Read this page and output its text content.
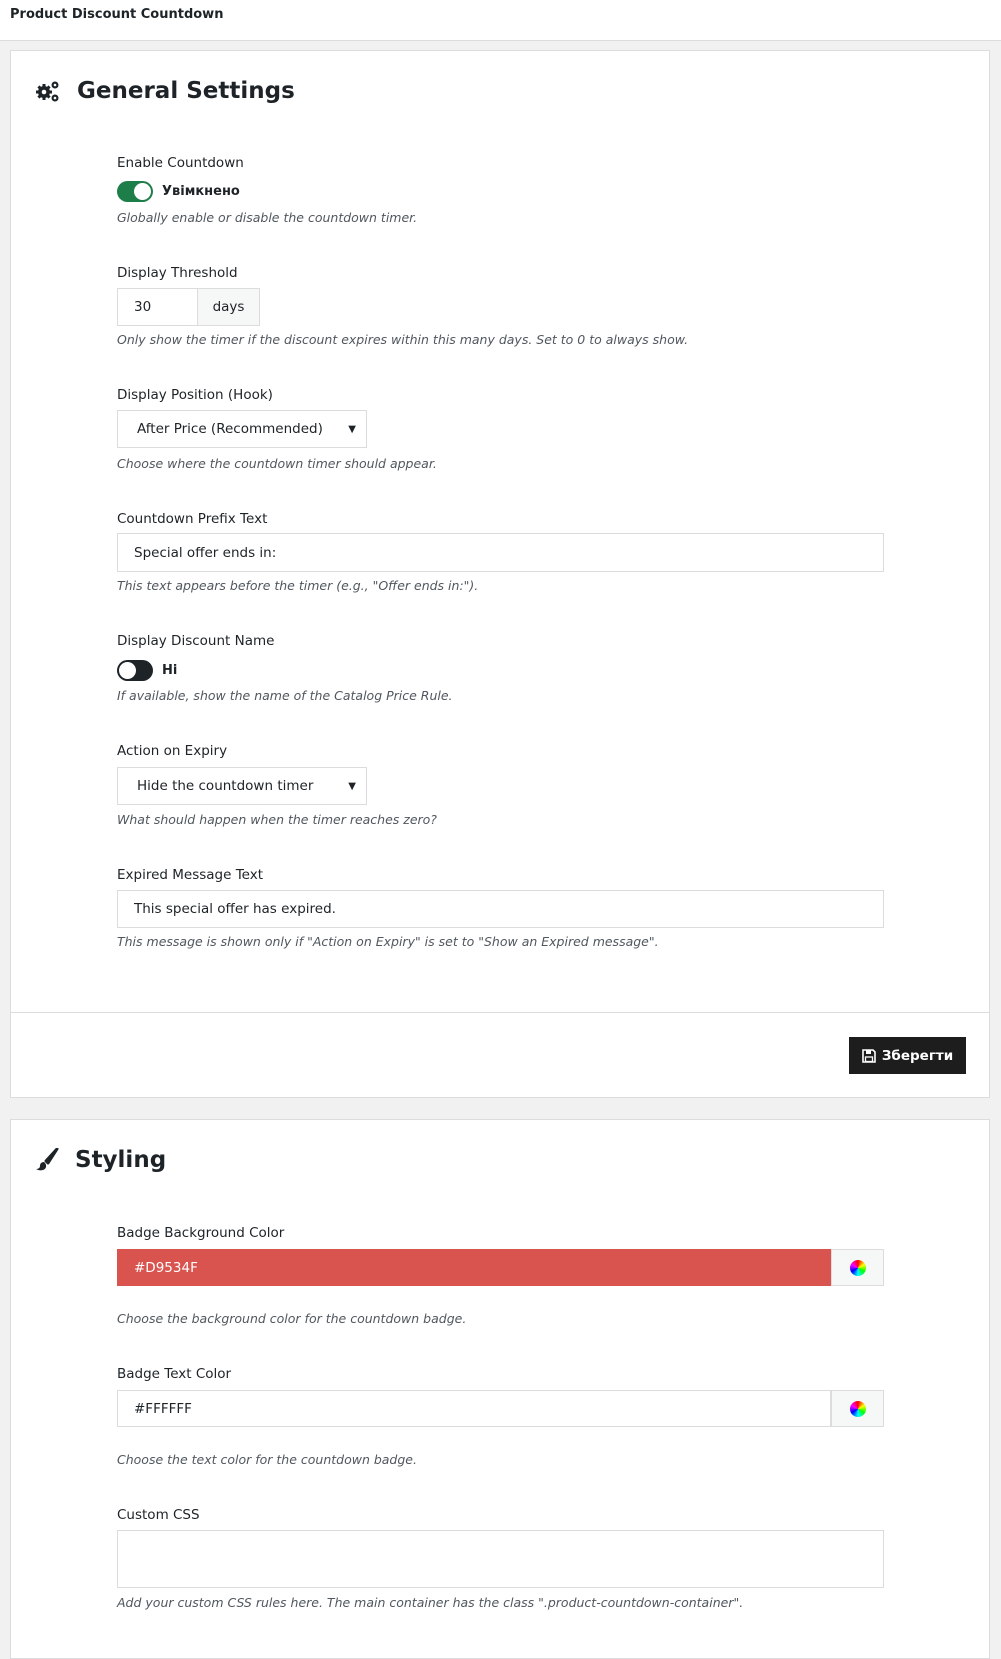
Product Discount Countdown
General Settings
Enable Countdown
Увімкнено
Globally enable or disable the countdown timer.
Display Threshold
30	days
Only show the timer if the discount expires within this many days. Set to 0 to always show.
Display Position (Hook)
After Price (Recommended)	▼
Choose where the countdown timer should appear.
Countdown Prefix Text
Special offer ends in:
This text appears before the timer (e.g., "Offer ends in:").
Display Discount Name
Ні
If available, show the name of the Catalog Price Rule.
Action on Expiry
Hide the countdown timer	▼
What should happen when the timer reaches zero?
Expired Message Text
This special offer has expired.
This message is shown only if "Action on Expiry" is set to "Show an Expired message".
Зберегти
Styling
Badge Background Color
#D9534F
Choose the background color for the countdown badge.
Badge Text Color
#FFFFFF
Choose the text color for the countdown badge.
Custom CSS
Add your custom CSS rules here. The main container has the class ".product-countdown-container".
